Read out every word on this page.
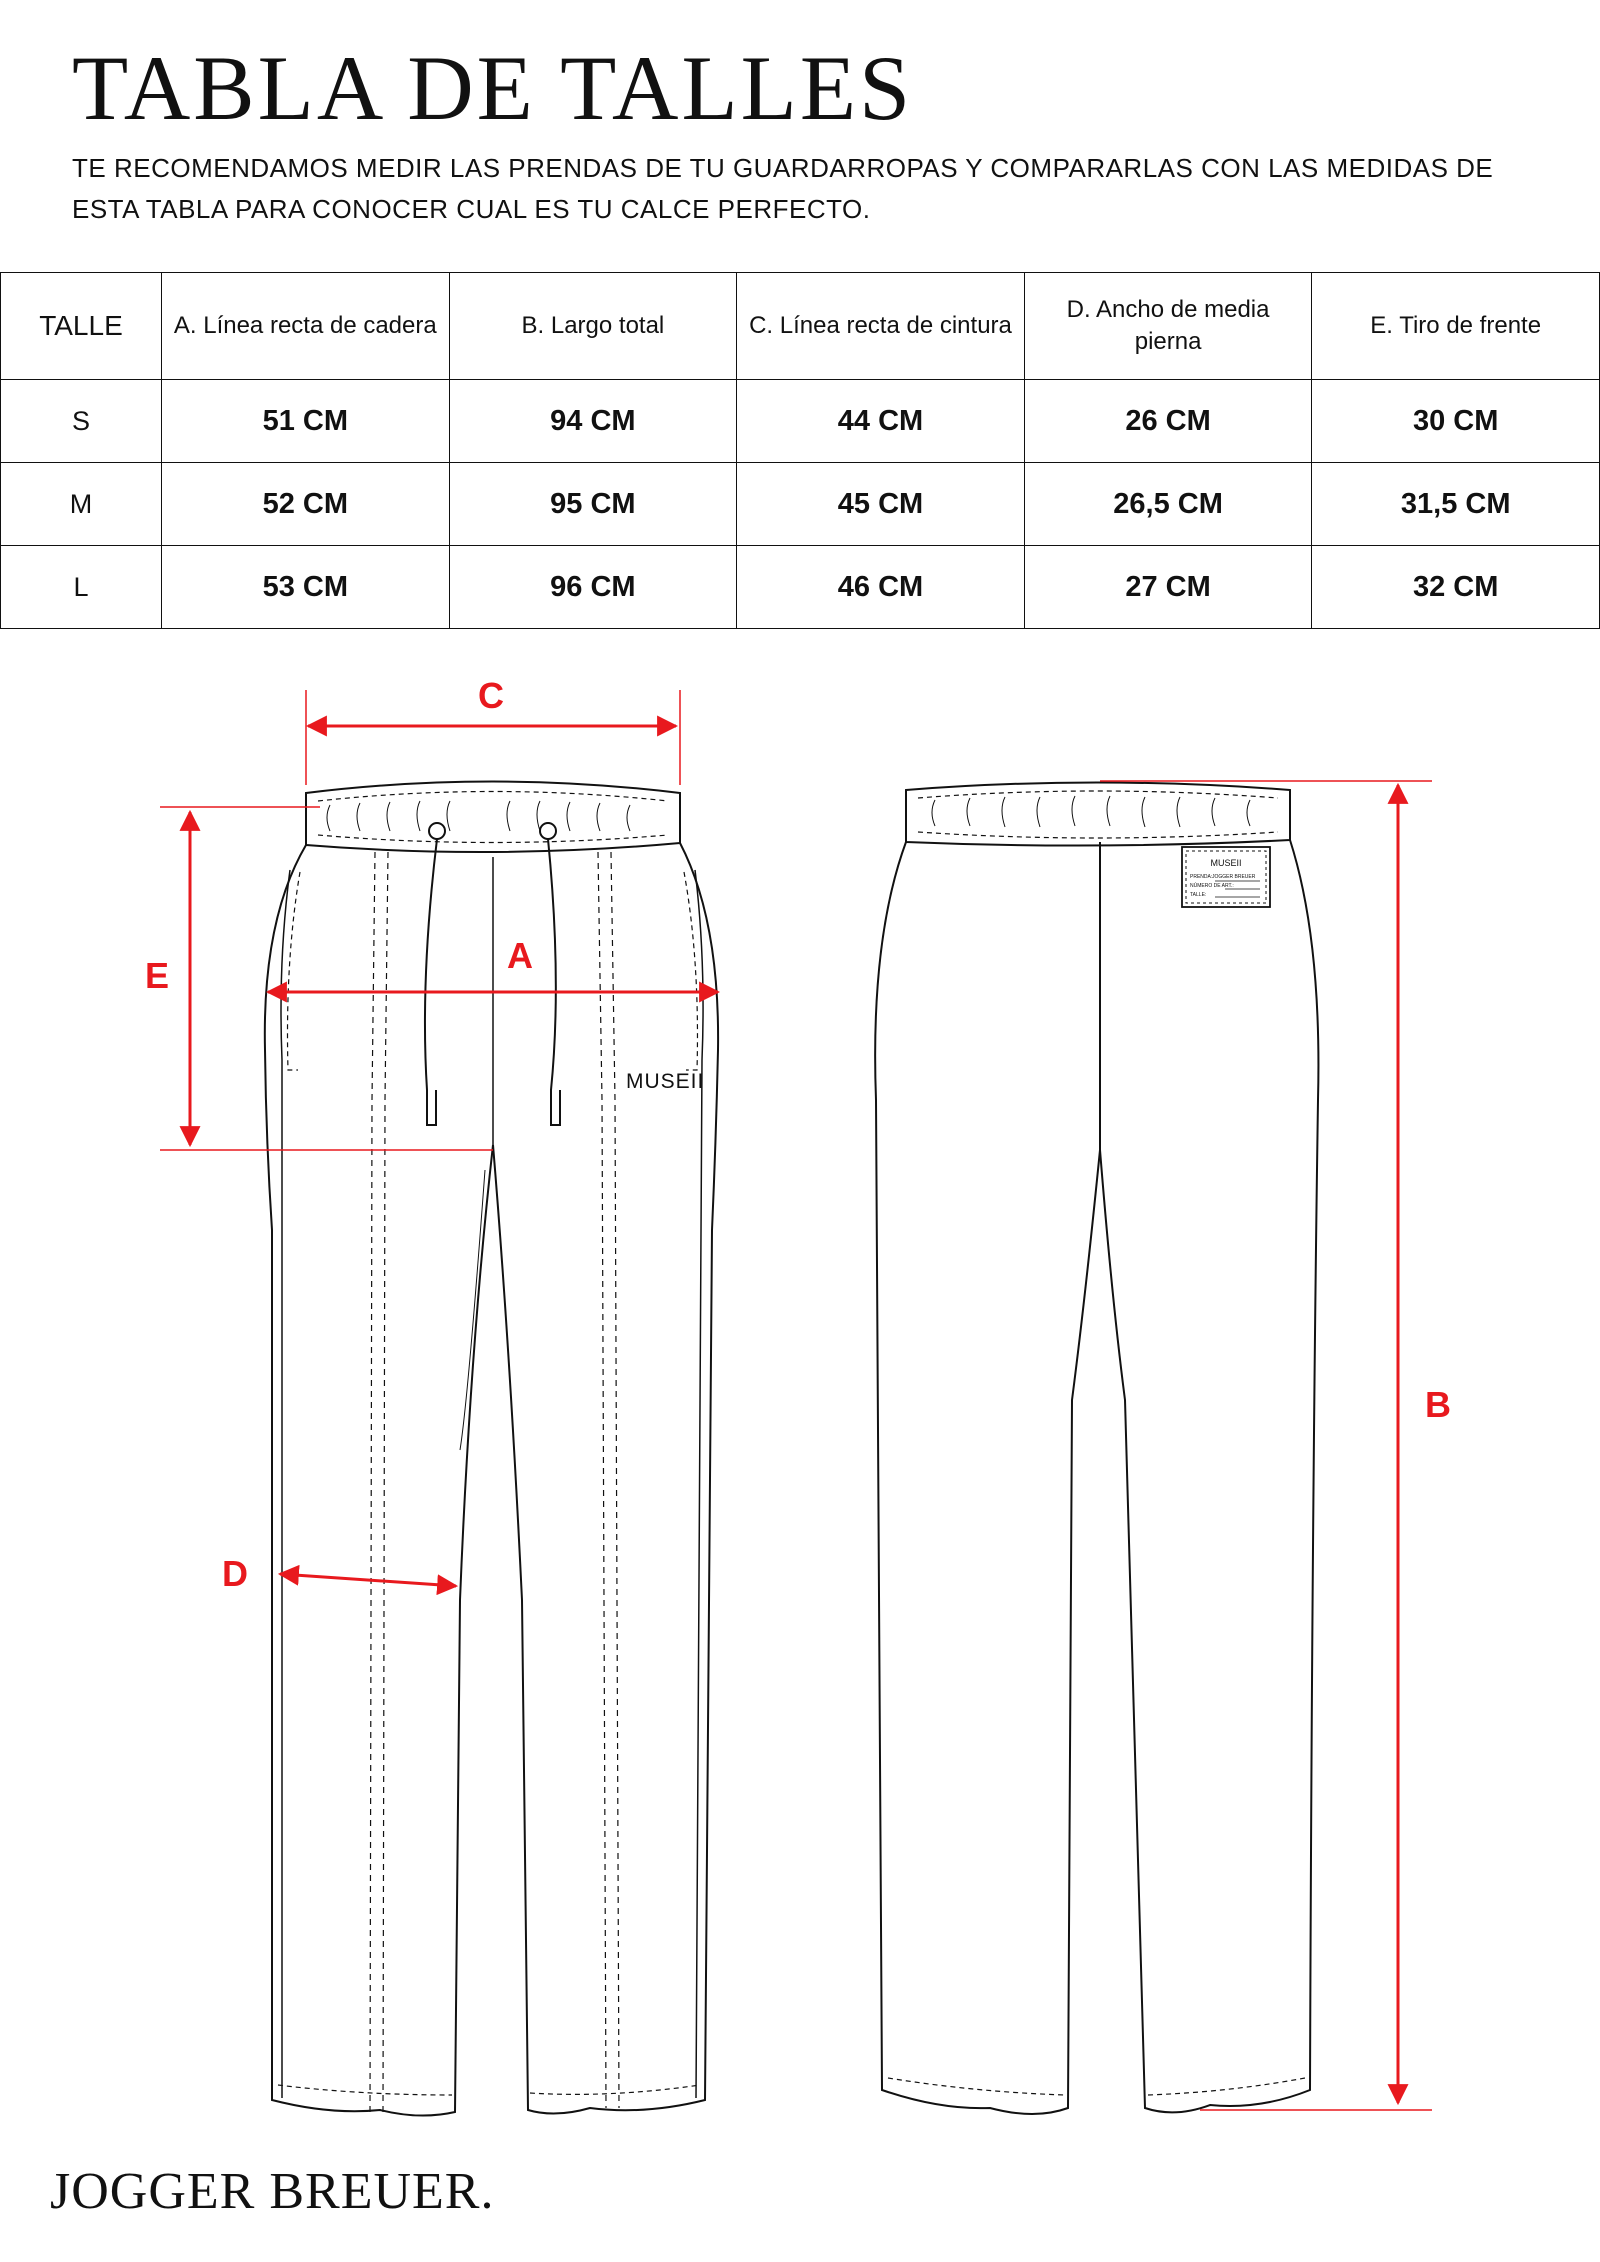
TABLA DE TALLES

TE RECOMENDAMOS MEDIR LAS PRENDAS DE TU GUARDARROPAS Y COMPARARLAS CON LAS MEDIDAS DE ESTA TABLA PARA CONOCER CUAL ES TU CALCE PERFECTO.

TALLE	A. Línea recta de cadera	B. Largo total	C. Línea recta de cintura	D. Ancho de media pierna	E. Tiro de frente
S	51 CM	94 CM	44 CM	26 CM	30 CM
M	52 CM	95 CM	45 CM	26,5 CM	31,5 CM
L	53 CM	96 CM	46 CM	27 CM	32 CM
MUSEII
MUSEII
PRENDA: JOGGER BREUER
NÚMERO DE ART.:
TALLE:
C
A
E
D
B

JOGGER BREUER.
